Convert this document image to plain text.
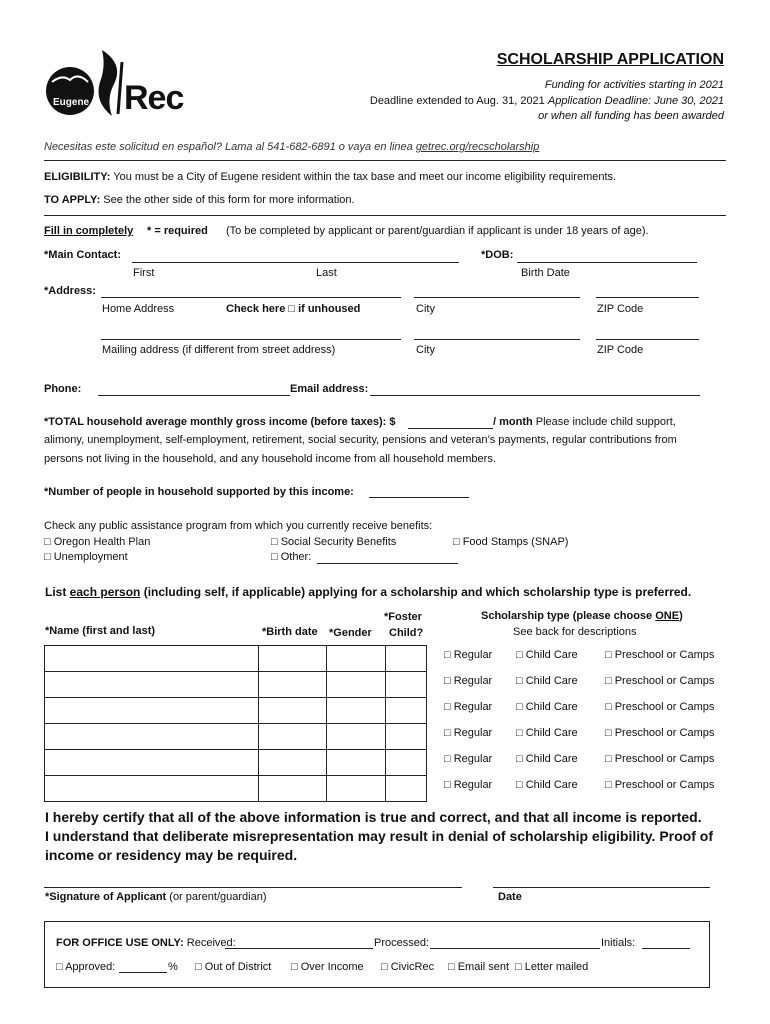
Eugene Rec
SCHOLARSHIP APPLICATION
Funding for activities starting in 2021
Deadline extended to Aug. 31, 2021 Application Deadline: June 30, 2021
or when all funding has been awarded
Necesitas este solicitud en español? Lama al 541-682-6891 o vaya en linea getrec.org/recscholarship
ELIGIBILITY: You must be a City of Eugene resident within the tax base and meet our income eligibility requirements.
TO APPLY: See the other side of this form for more information.
Fill in completely * = required (To be completed by applicant or parent/guardian if applicant is under 18 years of age).
*Main Contact:	*DOB:
First	Last	Birth Date
*Address:
Home Address	Check here □ if unhoused	City	ZIP Code
Mailing address (if different from street address)	City	ZIP Code
Phone:	Email address:
*TOTAL household average monthly gross income (before taxes): $	/ month Please include child support,
alimony, unemployment, self-employment, retirement, social security, pensions and veteran’s payments, regular contributions from
persons not living in the household, and any household income from all household members.
*Number of people in household supported by this income:
Check any public assistance program from which you currently receive benefits:
□ Oregon Health Plan	□ Social Security Benefits	□ Food Stamps (SNAP)
□ Unemployment	□ Other:
List each person (including self, if applicable) applying for a scholarship and which scholarship type is preferred.
*Name (first and last)	*Birth date *Gender
*Foster
Child?
Scholarship type (please choose ONE)
See back for descriptions

□ Regular □ Child Care □ Preschool or Camps
□ Regular □ Child Care □ Preschool or Camps
□ Regular □ Child Care □ Preschool or Camps
□ Regular □ Child Care □ Preschool or Camps
□ Regular □ Child Care □ Preschool or Camps
□ Regular □ Child Care □ Preschool or Camps
I hereby certify that all of the above information is true and correct, and that all income is reported.
I understand that deliberate misrepresentation may result in denial of scholarship eligibility. Proof of
income or residency may be required.
*Signature of Applicant (or parent/guardian)	Date
FOR OFFICE USE ONLY: Received:	Processed:	Initials:
□ Approved:	% □ Out of District □ Over Income □ CivicRec □ Email sent □ Letter mailed
